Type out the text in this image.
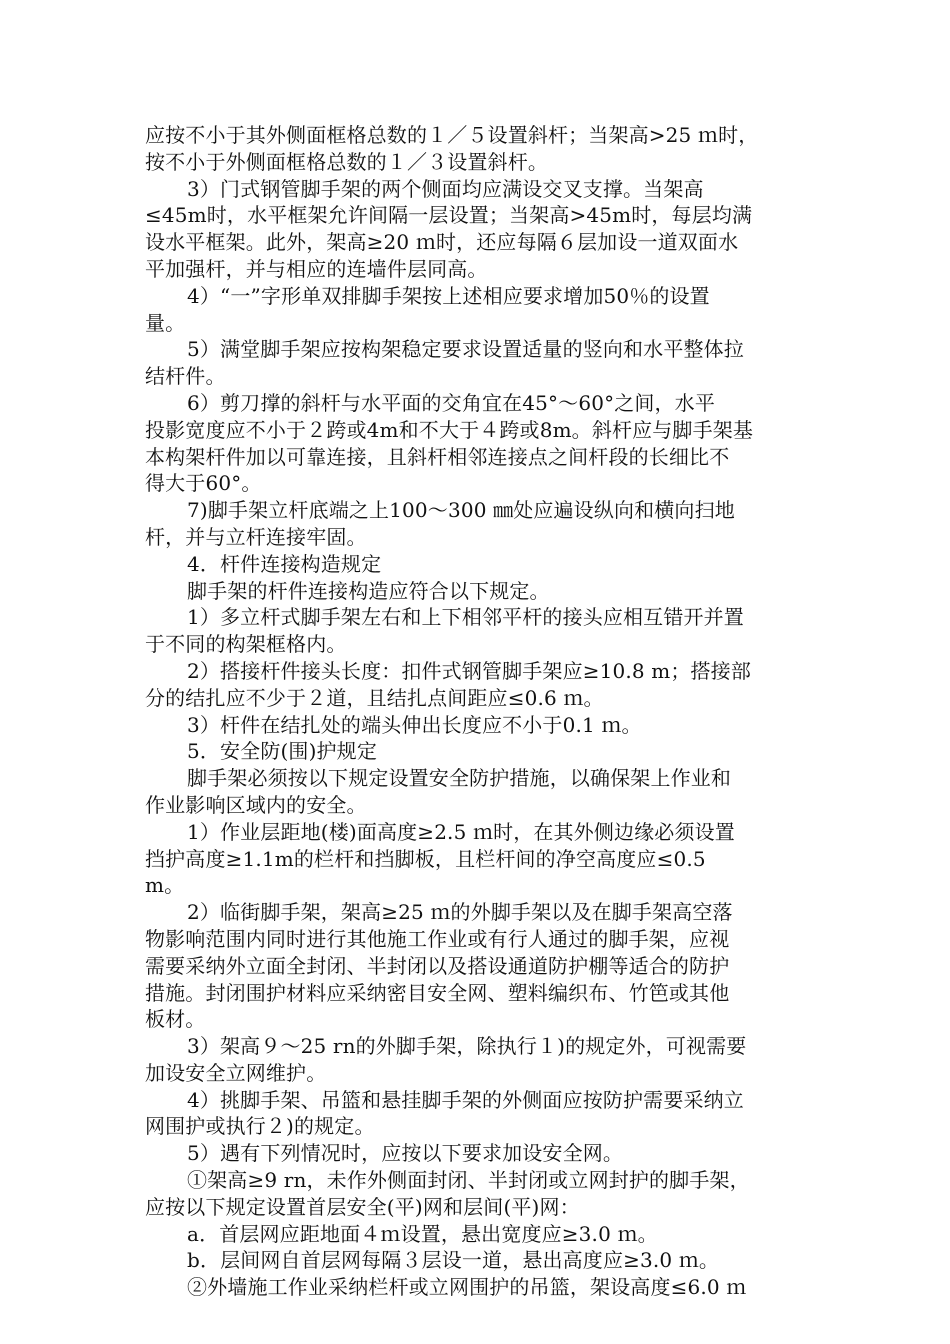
应按不小于其外侧面框格总数的１／５设置斜杆；当架高>25 ｍ时，
按不小于外侧面框格总数的１／３设置斜杆。
3）门式钢管脚手架的两个侧面均应满设交叉支撑。当架高
≤45m时，水平框架允许间隔一层设置；当架高>45m时，每层均满
设水平框架。此外，架高≥20 ｍ时，还应每隔６层加设一道双面水
平加强杆，并与相应的连墙件层同高。
4）“一”字形单双排脚手架按上述相应要求增加50％的设置
量。
5）满堂脚手架应按构架稳定要求设置适量的竖向和水平整体拉
结杆件。
6）剪刀撑的斜杆与水平面的交角宜在45°～60°之间，水平
投影宽度应不小于２跨或4m和不大于４跨或8m。斜杆应与脚手架基
本构架杆件加以可靠连接，且斜杆相邻连接点之间杆段的长细比不
得大于60°。
7)脚手架立杆底端之上100～300 ㎜处应遍设纵向和横向扫地
杆，并与立杆连接牢固。
4．杆件连接构造规定
脚手架的杆件连接构造应符合以下规定。
1）多立杆式脚手架左右和上下相邻平杆的接头应相互错开并置
于不同的构架框格内。
2）搭接杆件接头长度：扣件式钢管脚手架应≥10.8 m；搭接部
分的结扎应不少于２道，且结扎点间距应≤0.6 ｍ。
3）杆件在结扎处的端头伸出长度应不小于0.1 ｍ。
5．安全防(围)护规定
脚手架必须按以下规定设置安全防护措施，以确保架上作业和
作业影响区域内的安全。
1）作业层距地(楼)面高度≥2.5 ｍ时，在其外侧边缘必须设置
挡护高度≥1.1m的栏杆和挡脚板，且栏杆间的净空高度应≤0.5
m。
2）临街脚手架，架高≥25 ｍ的外脚手架以及在脚手架高空落
物影响范围内同时进行其他施工作业或有行人通过的脚手架，应视
需要采纳外立面全封闭、半封闭以及搭设通道防护棚等适合的防护
措施。封闭围护材料应采纳密目安全网、塑料编织布、竹笆或其他
板材。
3）架高９～25 rn的外脚手架，除执行１)的规定外，可视需要
加设安全立网维护。
4）挑脚手架、吊篮和悬挂脚手架的外侧面应按防护需要采纳立
网围护或执行２)的规定。
5）遇有下列情况时，应按以下要求加设安全网。
①架高≥9 rn，未作外侧面封闭、半封闭或立网封护的脚手架，
应按以下规定设置首层安全(平)网和层间(平)网：
a．首层网应距地面４ｍ设置，悬出宽度应≥3.0 ｍ。
b．层间网自首层网每隔３层设一道，悬出高度应≥3.0 ｍ。
②外墙施工作业采纳栏杆或立网围护的吊篮，架设高度≤6.0 ｍ
